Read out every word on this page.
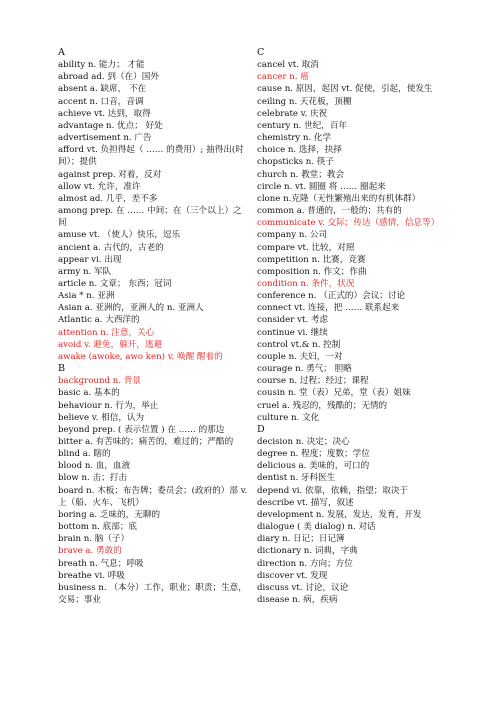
A
ability n. 能力； 才能
abroad ad. 到（在）国外
absent a. 缺席， 不在
accent n. 口音，音调
achieve vt. 达到，取得
advantage n. 优点； 好处
advertisement n. 广告
afford vt. 负担得起（ …… 的费用）; 抽得出(时间）；提供
against prep. 对着，反对
allow vt. 允许，准许
almost ad. 几乎，差不多
among prep. 在 …… 中间；在（三个以上）之间
amuse vt. （使人）快乐，逗乐
ancient a. 古代的，古老的
appear vi. 出现
army n. 军队
article n. 文章； 东西；冠词
Asia * n. 亚洲
Asian a. 亚洲的，亚洲人的 n. 亚洲人
Atlantic a. 大西洋的
attention n. 注意，关心
avoid v. 避免，躲开，逃避
awake (awoke, awo ken) v. 唤醒 醒着的
B
background n. 背景
basic a. 基本的
behaviour n. 行为，举止
believe v. 相信，认为
beyond prep. ( 表示位置 ) 在 …… 的那边
bitter a. 有苦味的；痛苦的，难过的；严酷的
blind a. 瞎的
blood n. 血，血液
blow n. 击；打击
board n. 木板；布告牌；委员会；(政府的）部 v. 上（船、火车、飞机）
boring a. 乏味的，无聊的
bottom n. 底部；底
brain n. 脑（子）
brave a. 勇敢的
breath n. 气息；呼吸
breathe vi. 呼吸
business n. （本分）工作，职业；职责；生意，交易；事业
C
cancel vt. 取消
cancer n. 癌
cause n. 原因，起因 vt. 促使，引起，使发生
ceiling n. 天花板，顶棚
celebrate v. 庆祝
century n. 世纪，百年
chemistry n. 化学
choice n. 选择，抉择
chopsticks n. 筷子
church n. 教堂；教会
circle n. vt. 圆圈 将 …… 圈起来
clone n.克隆（无性繁殖出来的有机体群）
common a. 普通的，一般的；共有的
communicate v. 交际；传达（感情，信息等）
company n. 公司
compare vt. 比较，对照
competition n. 比赛，竞赛
composition n. 作文；作曲
condition n. 条件，状况
conference n. （正式的）会议；讨论
connect vt. 连接，把 …… 联系起来
consider vt. 考虑
continue vi. 继续
control vt.& n. 控制
couple n. 夫妇，一对
courage n. 勇气； 胆略
course n. 过程；经过；课程
cousin n. 堂（表）兄弟，堂（表）姐妹
cruel a. 残忍的，残酷的；无情的
culture n. 文化
D
decision n. 决定；决心
degree n. 程度；度数；学位
delicious a. 美味的，可口的
dentist n. 牙科医生
depend vi. 依靠，依赖，指望；取决于
describe vt. 描写，叙述
development n. 发展，发达，发育，开发
dialogue ( 美 dialog) n. 对话
diary n. 日记；日记簿
dictionary n. 词典，字典
direction n. 方向；方位
discover vt. 发现
discuss vt. 讨论，议论
disease n. 病，疾病
